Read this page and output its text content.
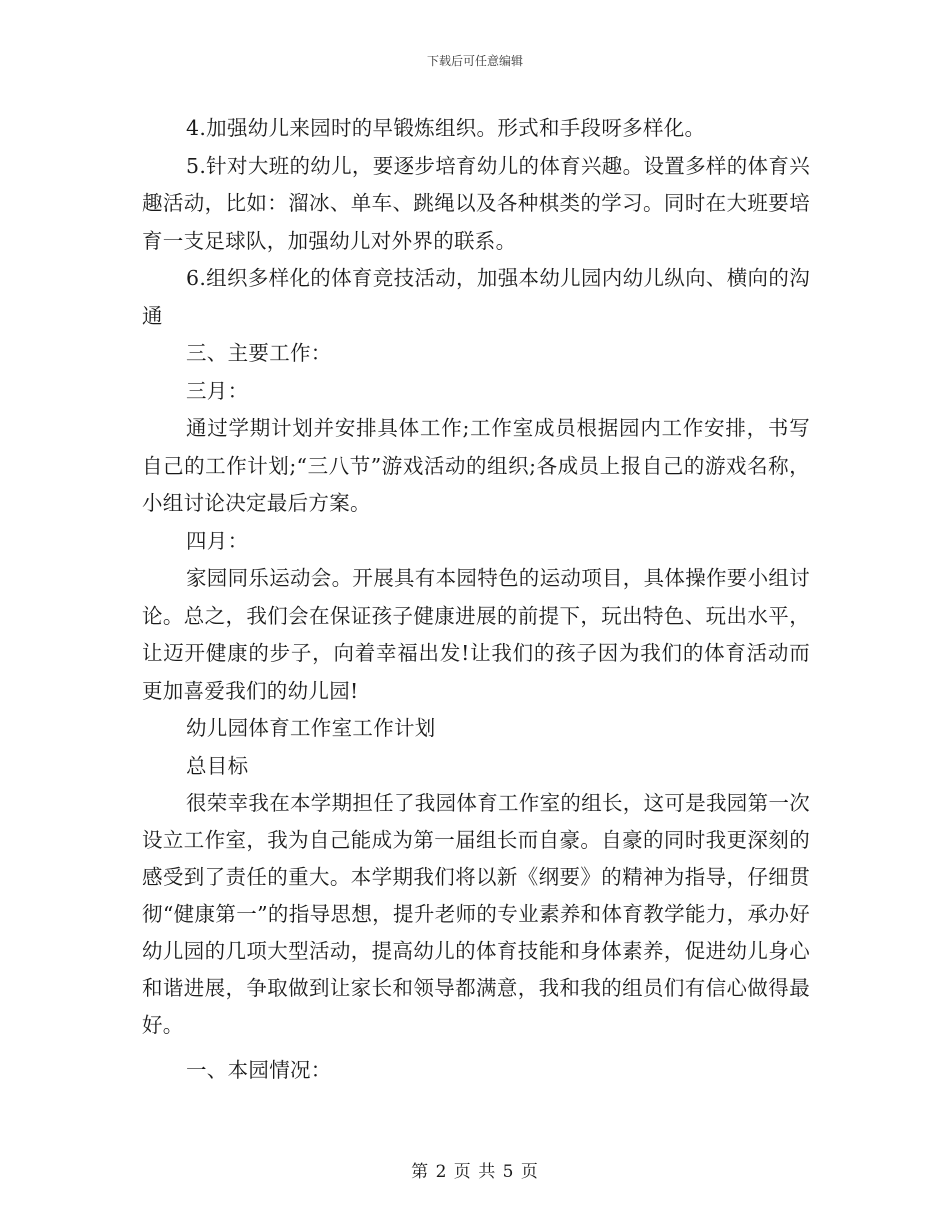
下载后可任意编辑

4.加强幼儿来园时的早锻炼组织。形式和手段呀多样化。

5.针对大班的幼儿，要逐步培育幼儿的体育兴趣。设置多样的体育兴趣活动，比如：溜冰、单车、跳绳以及各种棋类的学习。同时在大班要培育一支足球队，加强幼儿对外界的联系。

6.组织多样化的体育竞技活动，加强本幼儿园内幼儿纵向、横向的沟通

三、主要工作：

三月：

通过学期计划并安排具体工作;工作室成员根据园内工作安排，书写自己的工作计划;“三八节”游戏活动的组织;各成员上报自己的游戏名称，小组讨论决定最后方案。

四月：

家园同乐运动会。开展具有本园特色的运动项目，具体操作要小组讨论。总之，我们会在保证孩子健康进展的前提下，玩出特色、玩出水平，让迈开健康的步子，向着幸福出发!让我们的孩子因为我们的体育活动而更加喜爱我们的幼儿园!

幼儿园体育工作室工作计划

总目标

很荣幸我在本学期担任了我园体育工作室的组长，这可是我园第一次设立工作室，我为自己能成为第一届组长而自豪。自豪的同时我更深刻的感受到了责任的重大。本学期我们将以新《纲要》的精神为指导，仔细贯彻“健康第一”的指导思想，提升老师的专业素养和体育教学能力，承办好幼儿园的几项大型活动，提高幼儿的体育技能和身体素养，促进幼儿身心和谐进展，争取做到让家长和领导都满意，我和我的组员们有信心做得最好。

一、本园情况：

第 2 页 共 5 页
